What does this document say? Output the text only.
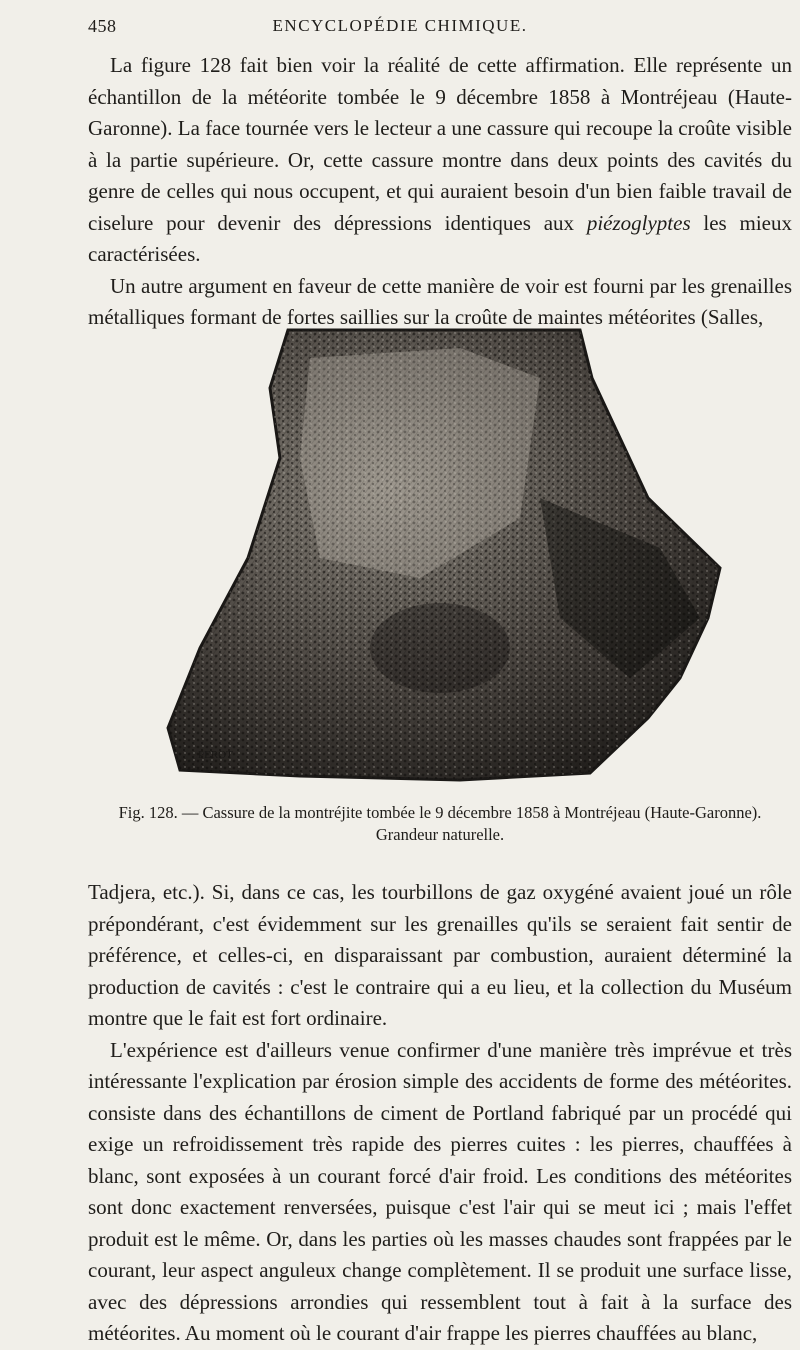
458	ENCYCLOPÉDIE CHIMIQUE.

La figure 128 fait bien voir la réalité de cette affirmation. Elle représente un échantillon de la météorite tombée le 9 décembre 1858 à Montréjeau (Haute-Garonne). La face tournée vers le lecteur a une cassure qui recoupe la croûte visible à la partie supérieure. Or, cette cassure montre dans deux points des cavités du genre de celles qui nous occupent, et qui auraient besoin d'un bien faible travail de ciselure pour devenir des dépressions identiques aux piézoglyptes les mieux caractérisées.

Un autre argument en faveur de cette manière de voir est fourni par les grenailles métalliques formant de fortes saillies sur la croûte de maintes météorites (Salles,

PEROT
Fig. 128. — Cassure de la montréjite tombée le 9 décembre 1858 à Montréjeau (Haute-Garonne).
Grandeur naturelle.

Tadjera, etc.). Si, dans ce cas, les tourbillons de gaz oxygéné avaient joué un rôle prépondérant, c'est évidemment sur les grenailles qu'ils se seraient fait sentir de préférence, et celles-ci, en disparaissant par combustion, auraient déterminé la production de cavités : c'est le contraire qui a eu lieu, et la collection du Muséum montre que le fait est fort ordinaire.

L'expérience est d'ailleurs venue confirmer d'une manière très imprévue et très intéressante l'explication par érosion simple des accidents de forme des météorites. consiste dans des échantillons de ciment de Portland fabriqué par un procédé qui exige un refroidissement très rapide des pierres cuites : les pierres, chauffées à blanc, sont exposées à un courant forcé d'air froid. Les conditions des météorites sont donc exactement renversées, puisque c'est l'air qui se meut ici ; mais l'effet produit est le même. Or, dans les parties où les masses chaudes sont frappées par le courant, leur aspect anguleux change complètement. Il se produit une surface lisse, avec des dépressions arrondies qui ressemblent tout à fait à la surface des météorites. Au moment où le courant d'air frappe les pierres chauffées au blanc,
